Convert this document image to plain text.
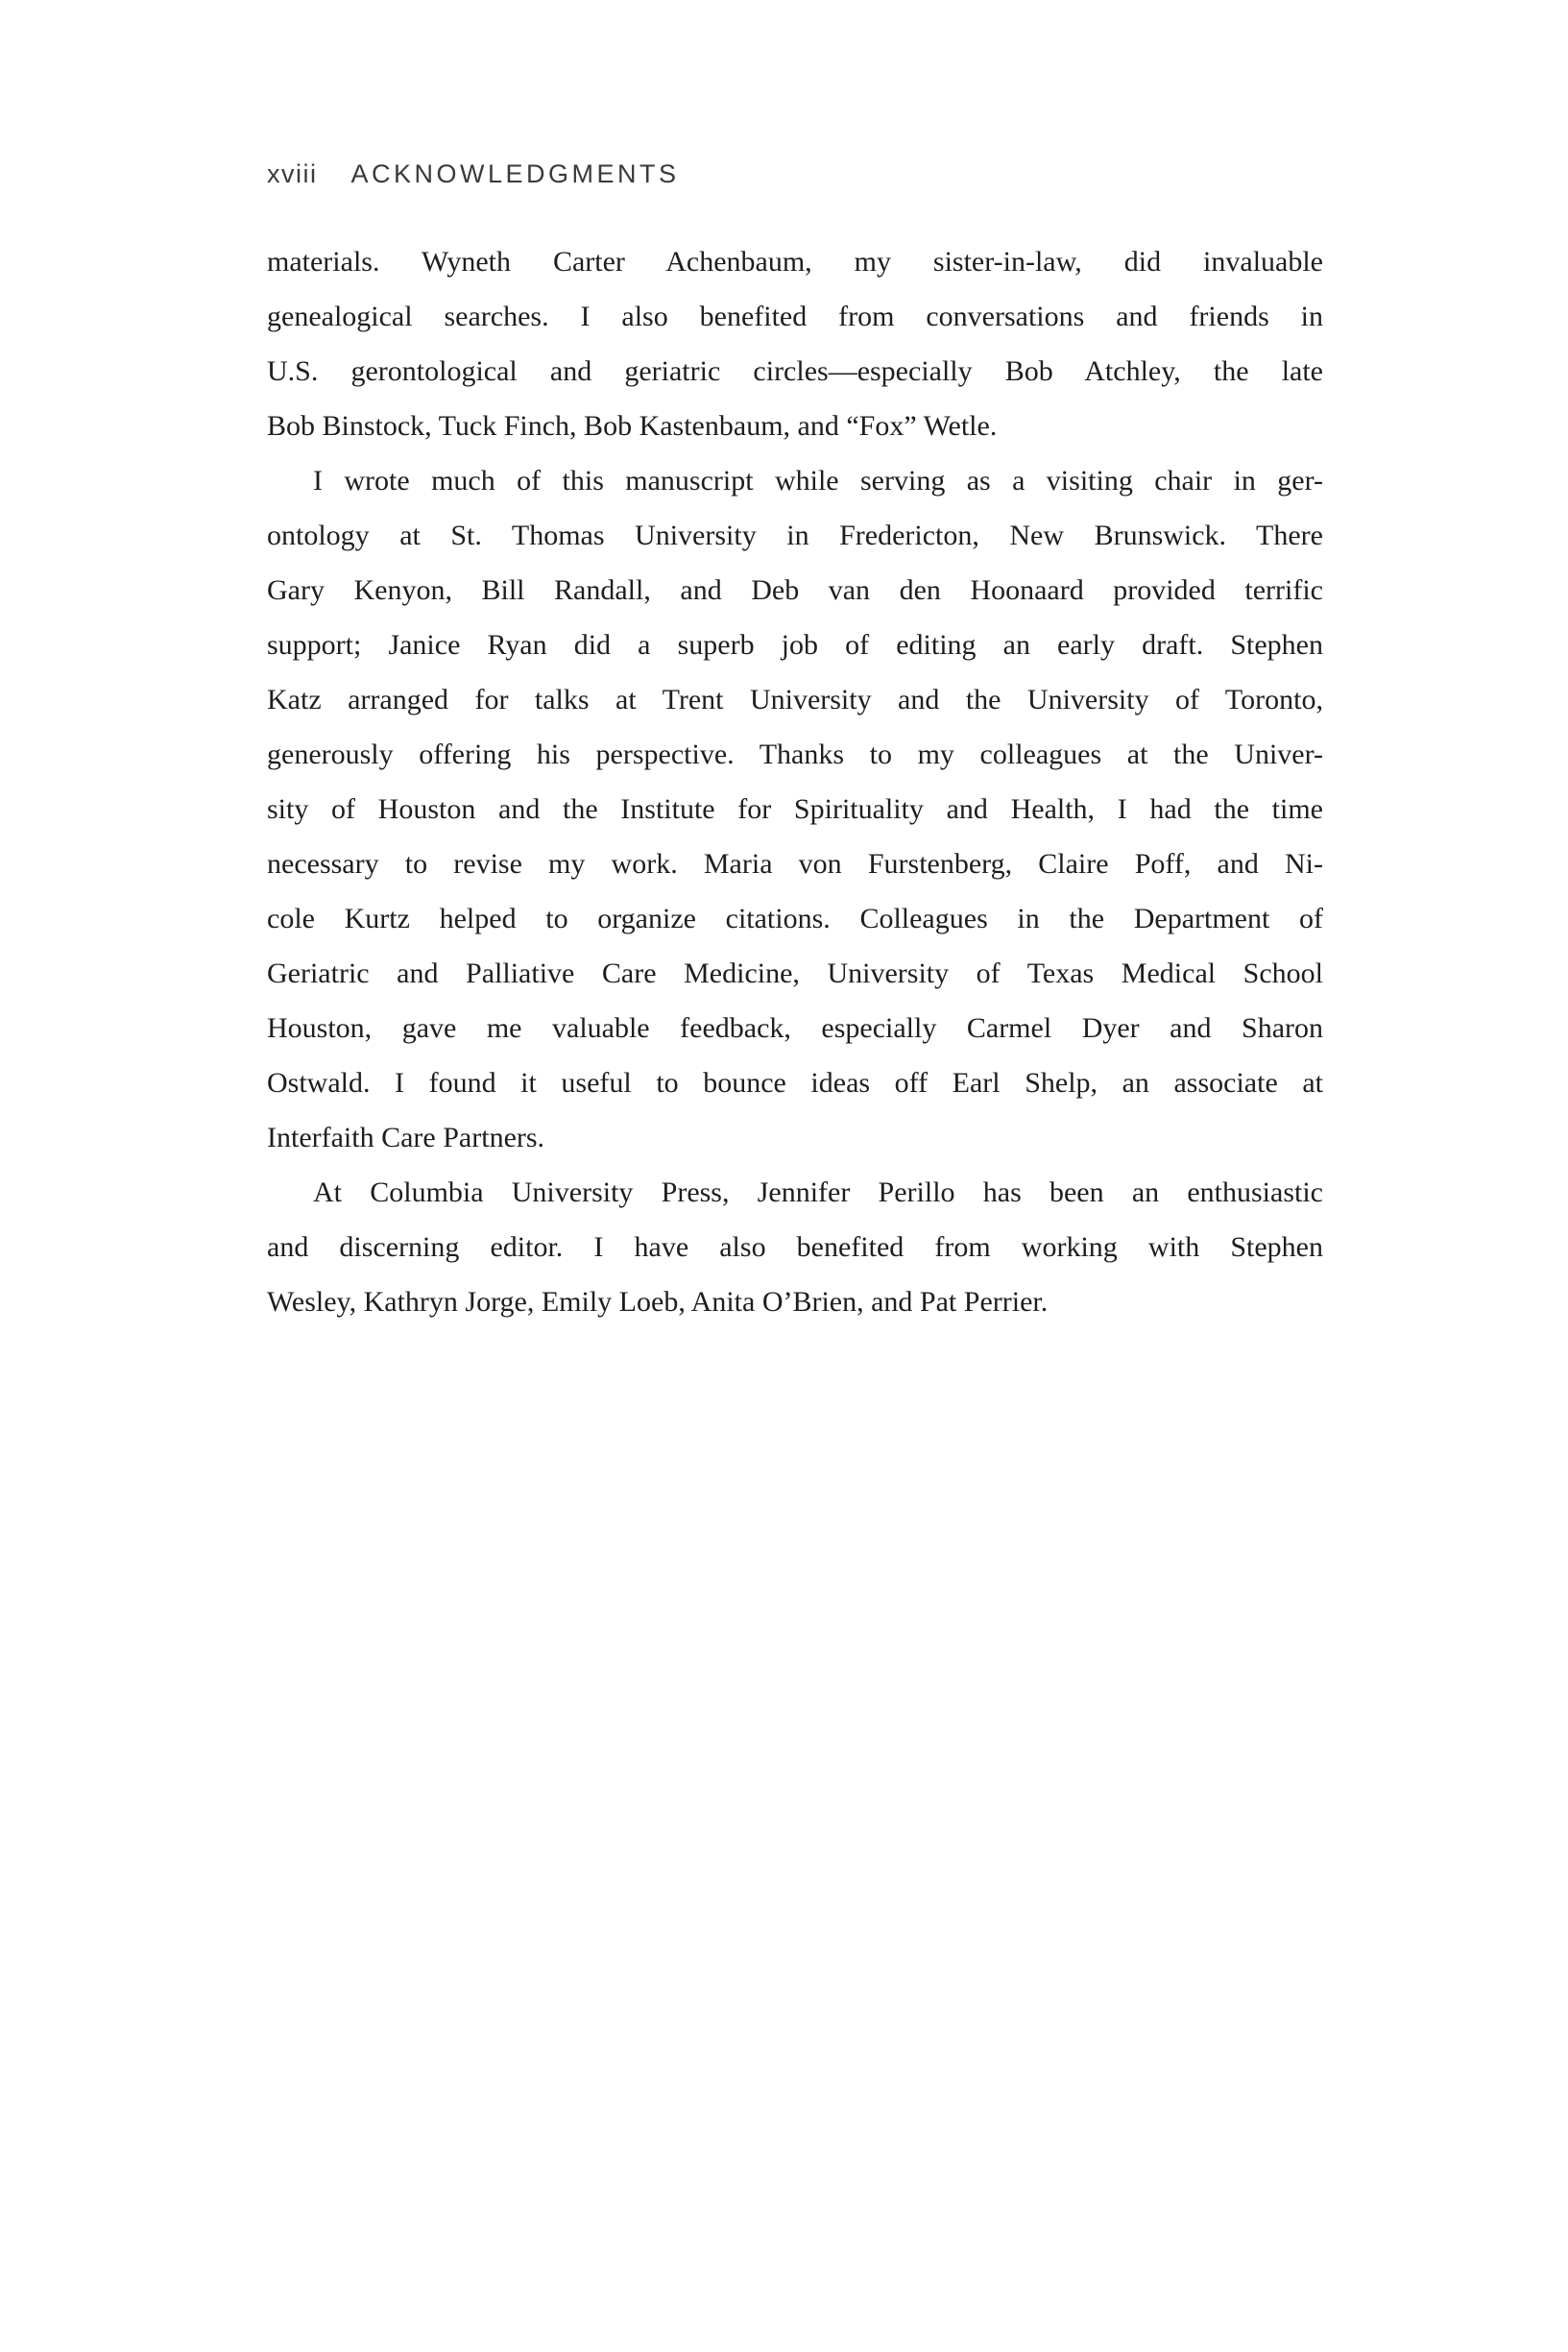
xviii ACKNOWLEDGMENTS
materials. Wyneth Carter Achenbaum, my sister-in-law, did invaluable
genealogical searches. I also benefited from conversations and friends in
U.S. gerontological and geriatric circles—especially Bob Atchley, the late
Bob Binstock, Tuck Finch, Bob Kastenbaum, and “Fox” Wetle.
I wrote much of this manuscript while serving as a visiting chair in ger-
ontology at St. Thomas University in Fredericton, New Brunswick. There
Gary Kenyon, Bill Randall, and Deb van den Hoonaard provided terrific
support; Janice Ryan did a superb job of editing an early draft. Stephen
Katz arranged for talks at Trent University and the University of Toronto,
generously offering his perspective. Thanks to my colleagues at the Univer-
sity of Houston and the Institute for Spirituality and Health, I had the time
necessary to revise my work. Maria von Furstenberg, Claire Poff, and Ni-
cole Kurtz helped to organize citations. Colleagues in the Department of
Geriatric and Palliative Care Medicine, University of Texas Medical School
Houston, gave me valuable feedback, especially Carmel Dyer and Sharon
Ostwald. I found it useful to bounce ideas off Earl Shelp, an associate at
Interfaith Care Partners.
At Columbia University Press, Jennifer Perillo has been an enthusiastic
and discerning editor. I have also benefited from working with Stephen
Wesley, Kathryn Jorge, Emily Loeb, Anita O’Brien, and Pat Perrier.
